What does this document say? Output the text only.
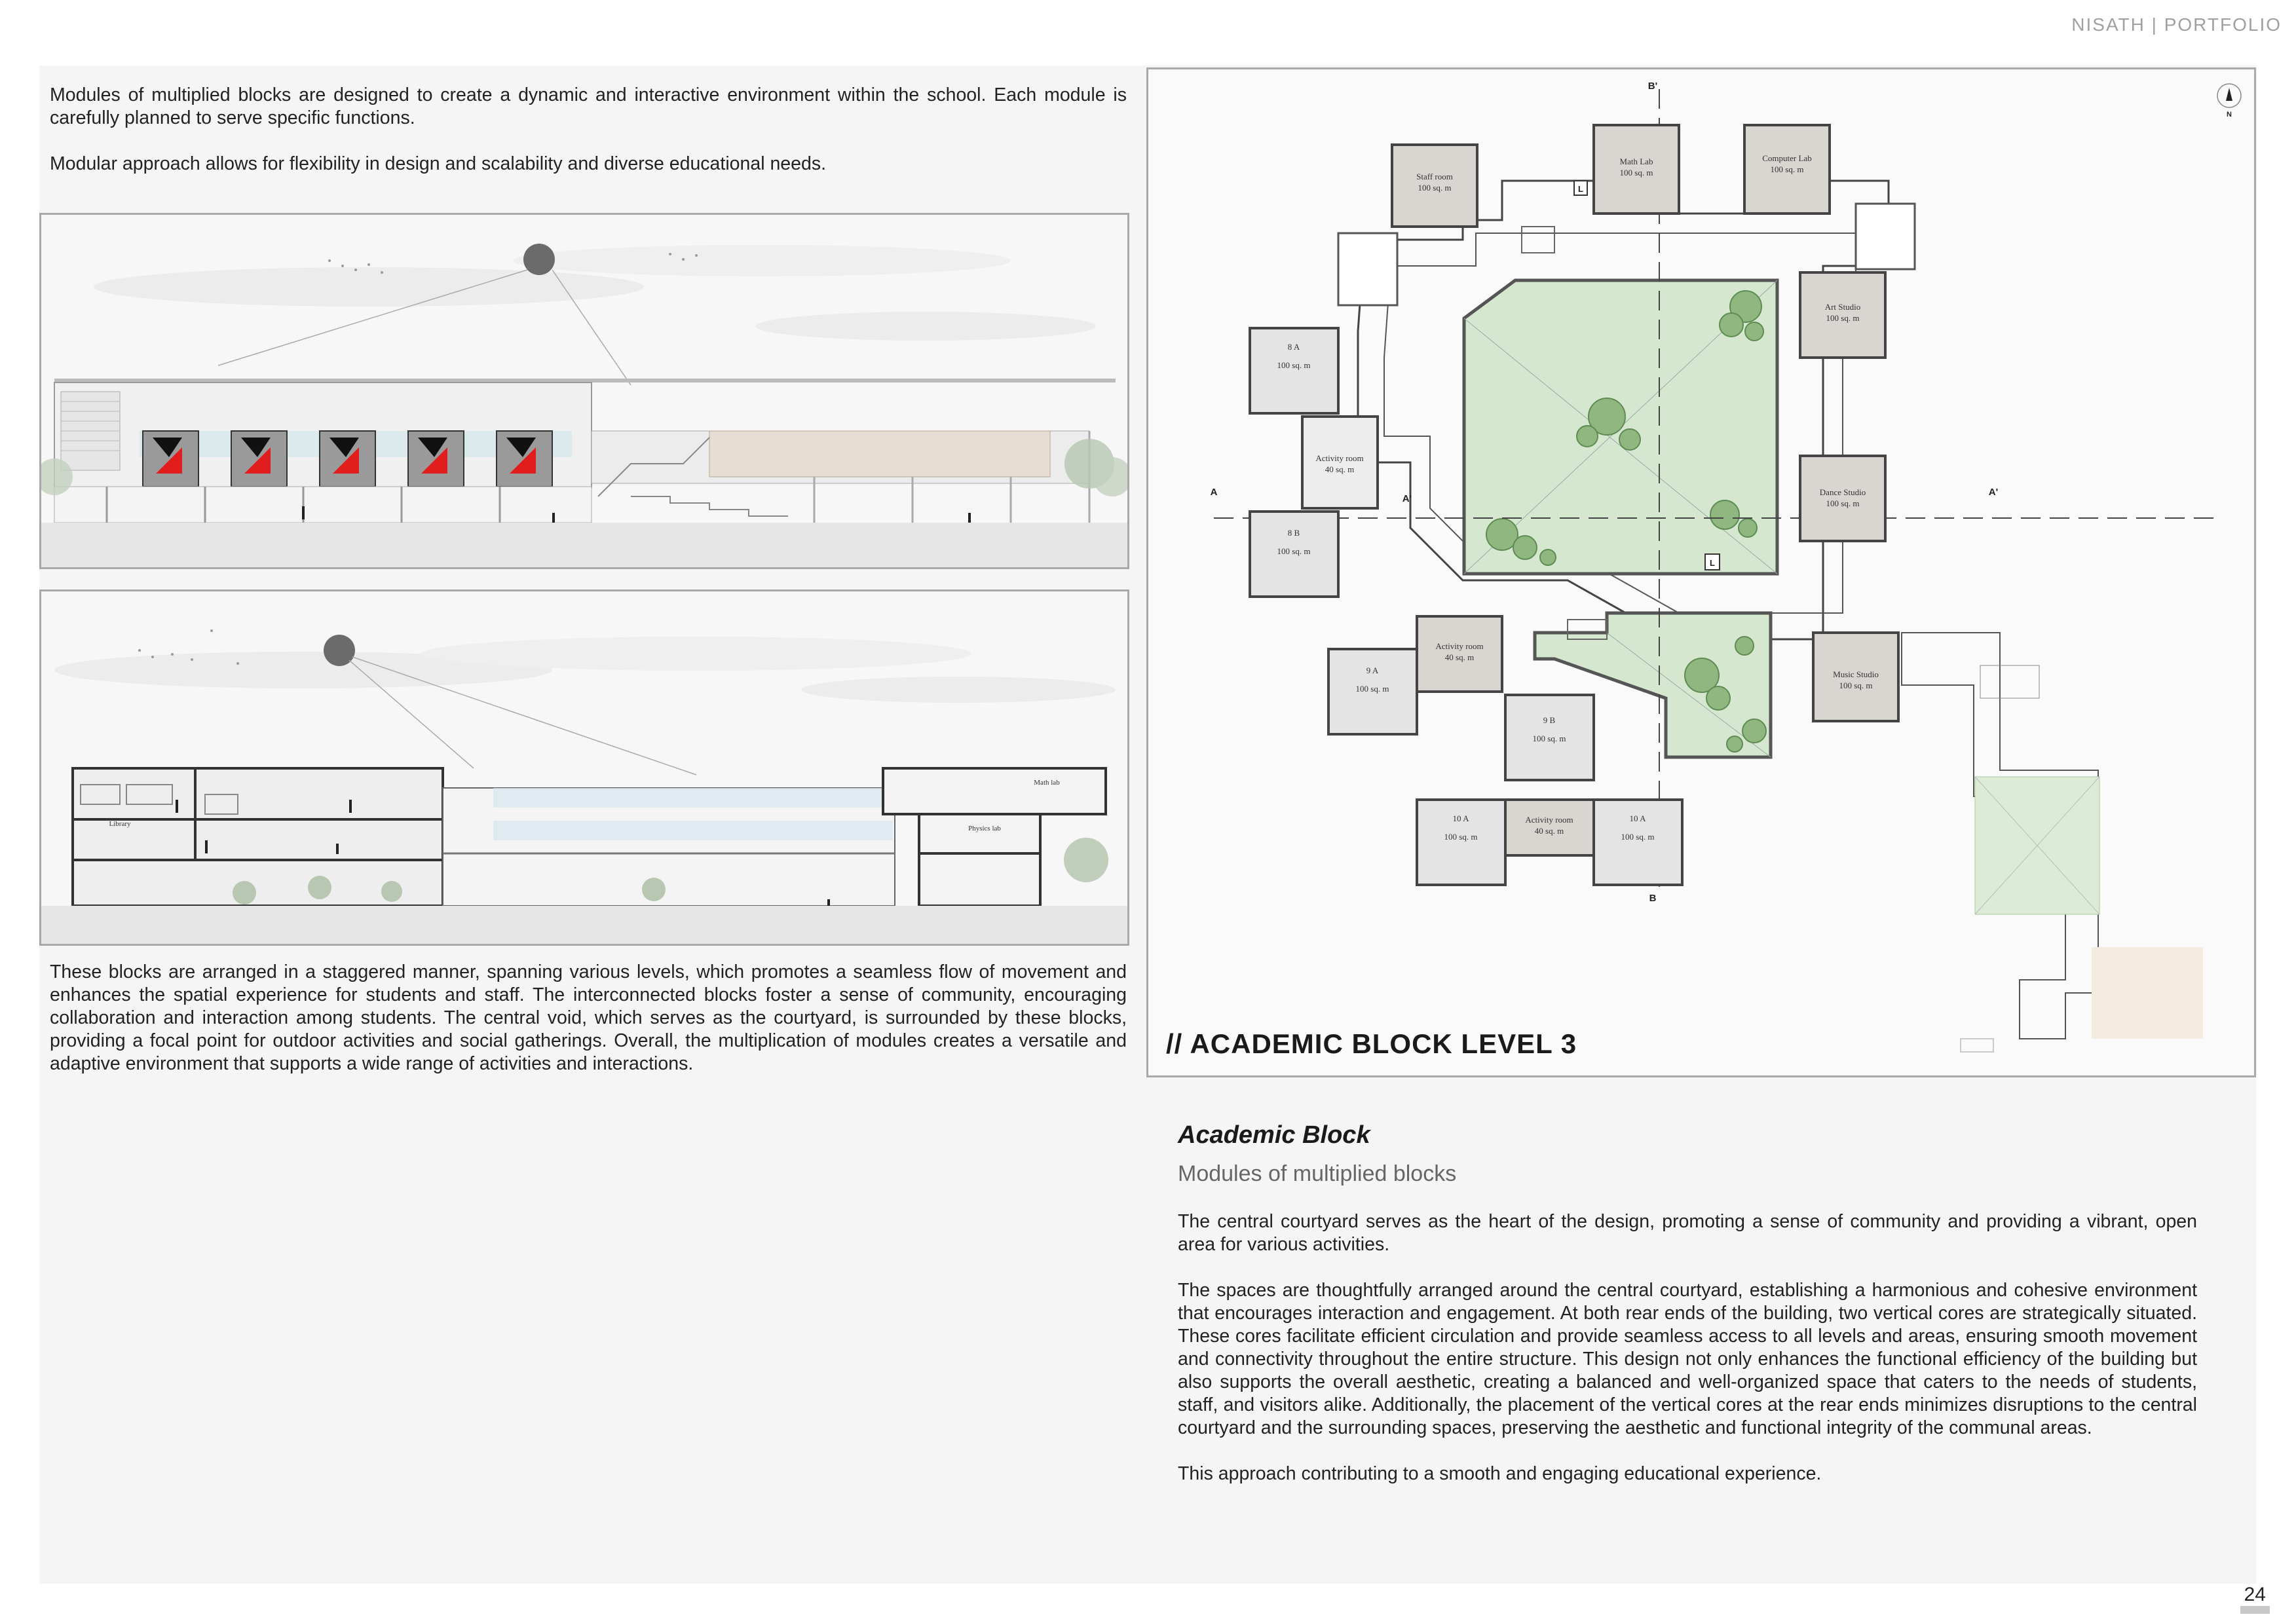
NISATH | PORTFOLIO

Modules of multiplied blocks are designed to create a dynamic and interactive environment within the school. Each module is carefully planned to serve specific functions.

Modular approach allows for flexibility in design and scalability and diverse educational needs.

Library
Math lab
Physics lab
These blocks are arranged in a staggered manner, spanning various levels, which promotes a seamless flow of movement and enhances the spatial experience for students and staff. The interconnected blocks foster a sense of community, encouraging collaboration and interaction among students. The central void, which serves as the courtyard, is surrounded by these blocks, providing a focal point for outdoor activities and social gatherings. Overall, the multiplication of modules creates a versatile and adaptive environment that supports a wide range of activities and interactions.
N
B'
B
A
A'
A'
Staff room
100 sq. m
Math Lab
100 sq. m
L
Computer Lab
100 sq. m
Art Studio
100 sq. m
Dance Studio
100 sq. m
L
Music Studio
100 sq. m
Activity room
40 sq. m
Activity room
40 sq. m
Activity room
40 sq. m
8 A
100 sq. m
8 B
100 sq. m
9 A
100 sq. m
9 B
100 sq. m
10 A
100 sq. m
10 A
100 sq. m
// ACADEMIC BLOCK LEVEL 3
Academic Block
Modules of multiplied blocks

The central courtyard serves as the heart of the design, promoting a sense of community and providing a vibrant, open area for various activities.

The spaces are thoughtfully arranged around the central courtyard, establishing a harmonious and cohesive environment that encourages interaction and engagement. At both rear ends of the building, two vertical cores are strategically situated. These cores facilitate efficient circulation and provide seamless access to all levels and areas, ensuring smooth movement and connectivity throughout the entire structure. This design not only enhances the functional efficiency of the building but also supports the overall aesthetic, creating a balanced and well-organized space that caters to the needs of students, staff, and visitors alike. Additionally, the placement of the vertical cores at the rear ends minimizes disruptions to the central courtyard and the surrounding spaces, preserving the aesthetic and functional integrity of the communal areas.

This approach contributing to a smooth and engaging educational experience.

24
